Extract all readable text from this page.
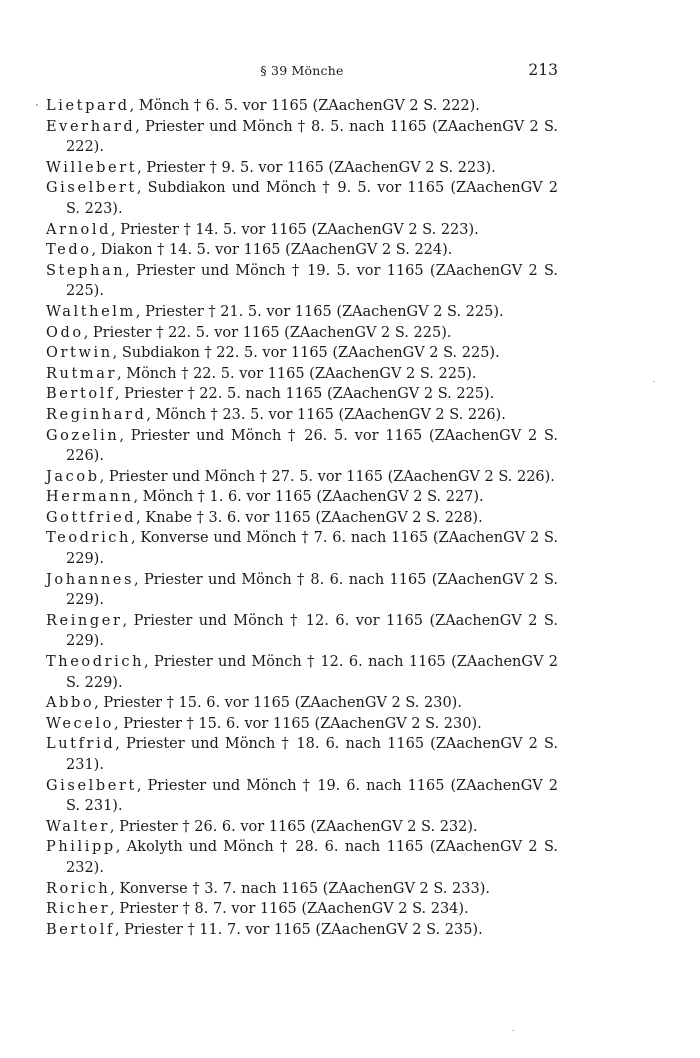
§ 39 Mönche	213
Lietpard, Mönch † 6. 5. vor 1165 (ZAachenGV 2 S. 222).
Everhard, Priester und Mönch † 8. 5. nach 1165 (ZAachenGV 2 S. 222).
Willebert, Priester † 9. 5. vor 1165 (ZAachenGV 2 S. 223).
Giselbert, Subdiakon und Mönch † 9. 5. vor 1165 (ZAachenGV 2 S. 223).
Arnold, Priester † 14. 5. vor 1165 (ZAachenGV 2 S. 223).
Tedo, Diakon † 14. 5. vor 1165 (ZAachenGV 2 S. 224).
Stephan, Priester und Mönch † 19. 5. vor 1165 (ZAachenGV 2 S. 225).
Walthelm, Priester † 21. 5. vor 1165 (ZAachenGV 2 S. 225).
Odo, Priester † 22. 5. vor 1165 (ZAachenGV 2 S. 225).
Ortwin, Subdiakon † 22. 5. vor 1165 (ZAachenGV 2 S. 225).
Rutmar, Mönch † 22. 5. vor 1165 (ZAachenGV 2 S. 225).
Bertolf, Priester † 22. 5. nach 1165 (ZAachenGV 2 S. 225).
Reginhard, Mönch † 23. 5. vor 1165 (ZAachenGV 2 S. 226).
Gozelin, Priester und Mönch † 26. 5. vor 1165 (ZAachenGV 2 S. 226).
Jacob, Priester und Mönch † 27. 5. vor 1165 (ZAachenGV 2 S. 226).
Hermann, Mönch † 1. 6. vor 1165 (ZAachenGV 2 S. 227).
Gottfried, Knabe † 3. 6. vor 1165 (ZAachenGV 2 S. 228).
Teodrich, Konverse und Mönch † 7. 6. nach 1165 (ZAachenGV 2 S. 229).
Johannes, Priester und Mönch † 8. 6. nach 1165 (ZAachenGV 2 S. 229).
Reinger, Priester und Mönch † 12. 6. vor 1165 (ZAachenGV 2 S. 229).
Theodrich, Priester und Mönch † 12. 6. nach 1165 (ZAachenGV 2 S. 229).
Abbo, Priester † 15. 6. vor 1165 (ZAachenGV 2 S. 230).
Wecelo, Priester † 15. 6. vor 1165 (ZAachenGV 2 S. 230).
Lutfrid, Priester und Mönch † 18. 6. nach 1165 (ZAachenGV 2 S. 231).
Giselbert, Priester und Mönch † 19. 6. nach 1165 (ZAachenGV 2 S. 231).
Walter, Priester † 26. 6. vor 1165 (ZAachenGV 2 S. 232).
Philipp, Akolyth und Mönch † 28. 6. nach 1165 (ZAachenGV 2 S. 232).
Rorich, Konverse † 3. 7. nach 1165 (ZAachenGV 2 S. 233).
Richer, Priester † 8. 7. vor 1165 (ZAachenGV 2 S. 234).
Bertolf, Priester † 11. 7. vor 1165 (ZAachenGV 2 S. 235).
